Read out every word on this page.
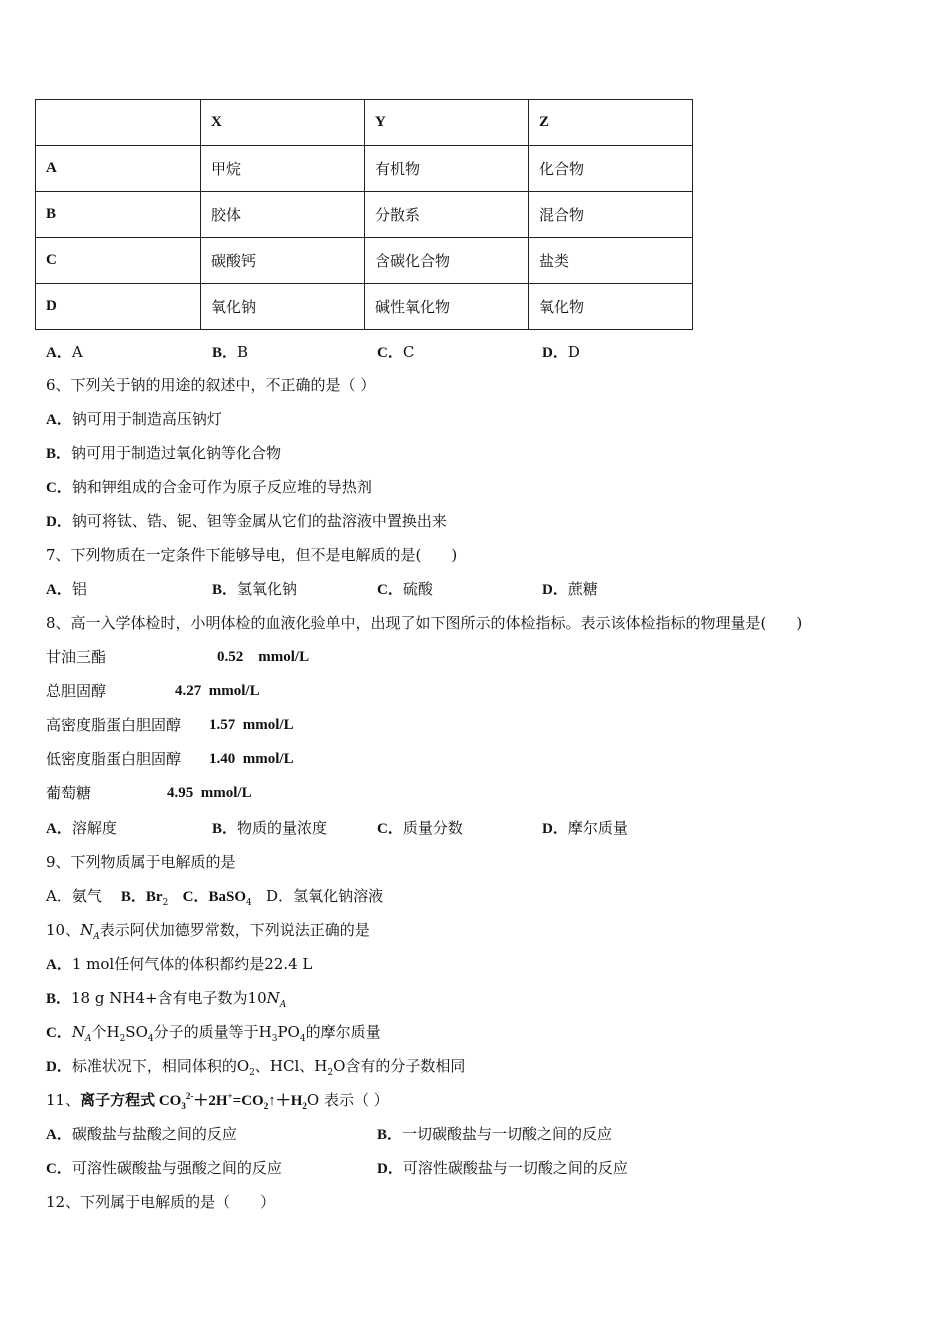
	X	Y	Z
A	甲烷	有机物	化合物
B	胶体	分散系	混合物
C	碳酸钙	含碳化合物	盐类
D	氧化钠	碱性氧化物	氧化物
A．A	B．B	C．C	D．D
6、下列关于钠的用途的叙述中，不正确的是（ ）
A．钠可用于制造高压钠灯
B．钠可用于制造过氧化钠等化合物
C．钠和钾组成的合金可作为原子反应堆的导热剂
D．钠可将钛、锆、铌、钽等金属从它们的盐溶液中置换出来
7、下列物质在一定条件下能够导电，但不是电解质的是(　　)
A．铝	B．氢氧化钠	C．硫酸	D．蔗糖
8、高一入学体检时，小明体检的血液化验单中，出现了如下图所示的体检指标。表示该体检指标的物理量是(　　)
甘油三酯	0.52    mmol/L
总胆固醇	4.27  mmol/L
高密度脂蛋白胆固醇 1.57  mmol/L
低密度脂蛋白胆固醇 1.40  mmol/L
葡萄糖	4.95  mmol/L
A．溶解度	B．物质的量浓度	C．质量分数	D．摩尔质量
9、下列物质属于电解质的是
A．氨气 B．$Br_2$ C．BaSO$_4$ D．氢氧化钠溶液
10、$N_A$表示阿伏加德罗常数，下列说法正确的是
A．1 mol任何气体的体积都约是22.4 L
B．18 g NH4+含有电子数为$10N_A$
C．$N_A$个$H_2SO_4$分子的质量等于$H_3PO_4$的摩尔质量
D．标准状况下，相同体积的$O_2$、HCl、$H_2O$含有的分子数相同
11、离子方程式 $CO_3^{2-}+2H^+=CO_2↑+H_2O$ 表示（ ）
A．碳酸盐与盐酸之间的反应	B．一切碳酸盐与一切酸之间的反应
C．可溶性碳酸盐与强酸之间的反应	D．可溶性碳酸盐与一切酸之间的反应
12、下列属于电解质的是（　　）
